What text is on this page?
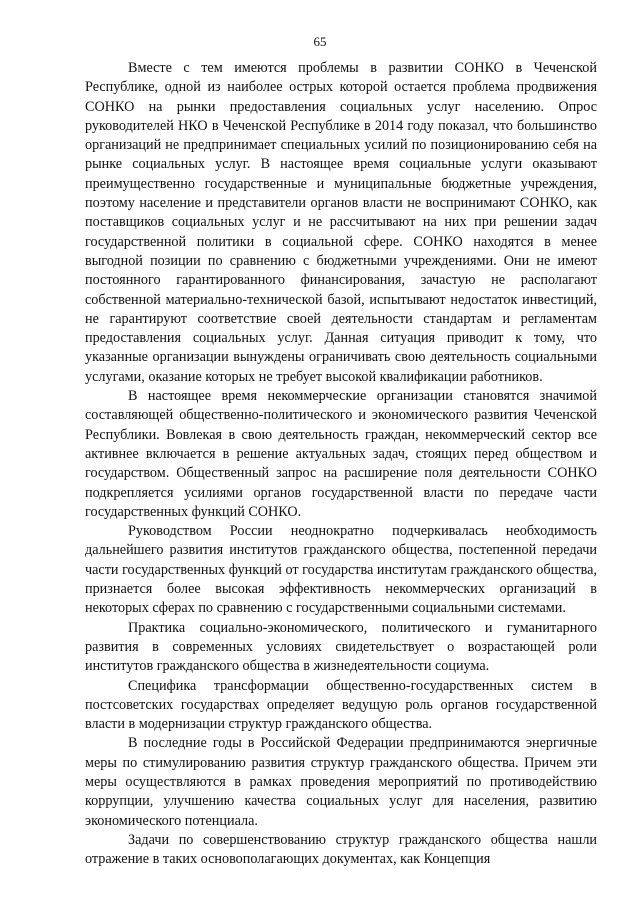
65

Вместе с тем имеются проблемы в развитии СОНКО в Чеченской Республике, одной из наиболее острых которой остается проблема продвижения СОНКО на рынки предоставления социальных услуг населению. Опрос руководителей НКО в Чеченской Республике в 2014 году показал, что большинство организаций не предпринимает специальных усилий по позиционированию себя на рынке социальных услуг. В настоящее время социальные услуги оказывают преимущественно государственные и муниципальные бюджетные учреждения, поэтому население и представители органов власти не воспринимают СОНКО, как поставщиков социальных услуг и не рассчитывают на них при решении задач государственной политики в социальной сфере. СОНКО находятся в менее выгодной позиции по сравнению с бюджетными учреждениями. Они не имеют постоянного гарантированного финансирования, зачастую не располагают собственной материально-технической базой, испытывают недостаток инвестиций, не гарантируют соответствие своей деятельности стандартам и регламентам предоставления социальных услуг. Данная ситуация приводит к тому, что указанные организации вынуждены ограничивать свою деятельность социальными услугами, оказание которых не требует высокой квалификации работников.

В настоящее время некоммерческие организации становятся значимой составляющей общественно-политического и экономического развития Чеченской Республики. Вовлекая в свою деятельность граждан, некоммерческий сектор все активнее включается в решение актуальных задач, стоящих перед обществом и государством. Общественный запрос на расширение поля деятельности СОНКО подкрепляется усилиями органов государственной власти по передаче части государственных функций СОНКО.

Руководством России неоднократно подчеркивалась необходимость дальнейшего развития институтов гражданского общества, постепенной передачи части государственных функций от государства институтам гражданского общества, признается более высокая эффективность некоммерческих организаций в некоторых сферах по сравнению с государственными социальными системами.

Практика социально-экономического, политического и гуманитарного развития в современных условиях свидетельствует о возрастающей роли институтов гражданского общества в жизнедеятельности социума.

Специфика трансформации общественно-государственных систем в постсоветских государствах определяет ведущую роль органов государственной власти в модернизации структур гражданского общества.

В последние годы в Российской Федерации предпринимаются энергичные меры по стимулированию развития структур гражданского общества. Причем эти меры осуществляются в рамках проведения мероприятий по противодействию коррупции, улучшению качества социальных услуг для населения, развитию экономического потенциала.

Задачи по совершенствованию структур гражданского общества нашли отражение в таких основополагающих документах, как Концепция
